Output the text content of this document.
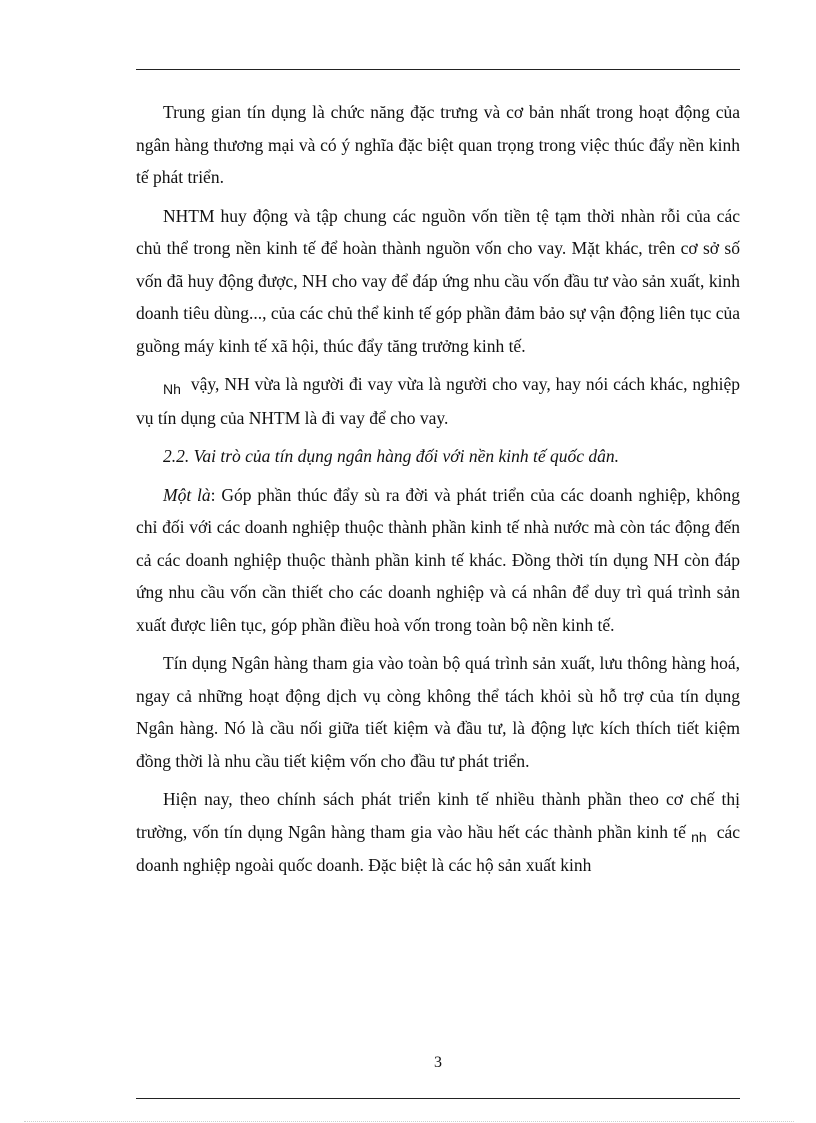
Trung gian tín dụng là chức năng đặc trưng và cơ bản nhất trong hoạt động của ngân hàng thương mại và có ý nghĩa đặc biệt quan trọng trong việc thúc đẩy nền kinh tế phát triển.

NHTM huy động và tập chung các nguồn vốn tiền tệ tạm thời nhàn rỗi của các chủ thể trong nền kinh tế để hoàn thành nguồn vốn cho vay. Mặt khác, trên cơ sở số vốn đã huy động được, NH cho vay để đáp ứng nhu cầu vốn đầu tư vào sản xuất, kinh doanh tiêu dùng..., của các chủ thể kinh tế góp phần đảm bảo sự vận động liên tục của guồng máy kinh tế xã hội, thúc đẩy tăng trưởng kinh tế.

$_{Nh}$ vậy, NH vừa là người đi vay vừa là người cho vay, hay nói cách khác, nghiệp vụ tín dụng của NHTM là đi vay để cho vay.

2.2. Vai trò của tín dụng ngân hàng đối với nền kinh tế quốc dân.

Một là: Góp phần thúc đẩy sù ra đời và phát triển của các doanh nghiệp, không chỉ đối với các doanh nghiệp thuộc thành phần kinh tế nhà nước mà còn tác động đến cả các doanh nghiệp thuộc thành phần kinh tế khác. Đồng thời tín dụng NH còn đáp ứng nhu cầu vốn cần thiết cho các doanh nghiệp và cá nhân để duy trì quá trình sản xuất được liên tục, góp phần điều hoà vốn trong toàn bộ nền kinh tế.

Tín dụng Ngân hàng tham gia vào toàn bộ quá trình sản xuất, lưu thông hàng hoá, ngay cả những hoạt động dịch vụ còng không thể tách khỏi sù hỗ trợ của tín dụng Ngân hàng. Nó là cầu nối giữa tiết kiệm và đầu tư, là động lực kích thích tiết kiệm đồng thời là nhu cầu tiết kiệm vốn cho đầu tư phát triển.

Hiện nay, theo chính sách phát triển kinh tế nhiều thành phần theo cơ chế thị trường, vốn tín dụng Ngân hàng tham gia vào hầu hết các thành phần kinh tế $_{nh}$ các doanh nghiệp ngoài quốc doanh. Đặc biệt là các hộ sản xuất kinh

3
